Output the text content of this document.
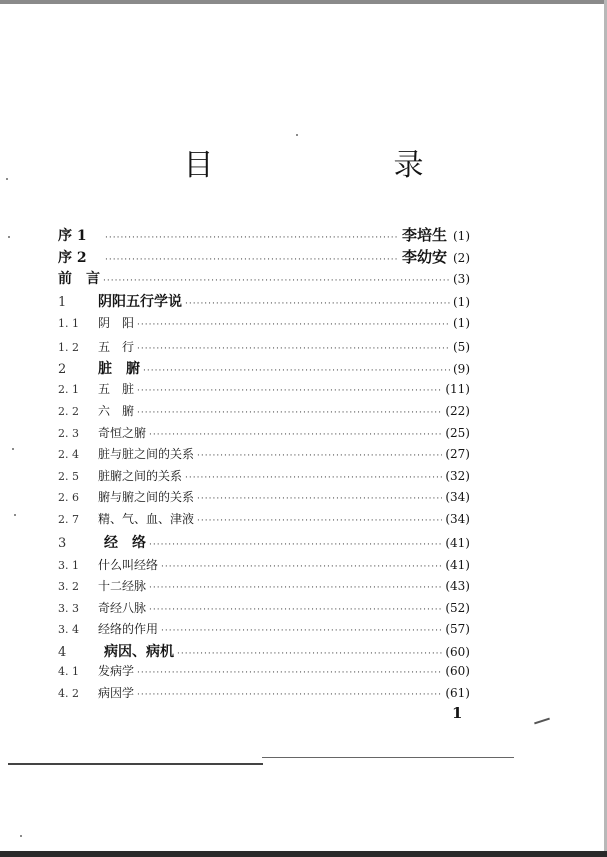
目　　录
序 1 ·····	李培生 (1)
序 2 ·····	李幼安 (2)
前　言 ·····	(3)
1	阴阳五行学说 ·····	(1)
1. 1	阴　阳 ·····	(1)
1. 2	五　行 ·····	(5)
2	脏　腑 ·····	(9)
2. 1	五　脏 ·····	(11)
2. 2	六　腑 ·····	(22)
2. 3	奇恒之腑 ·····	(25)
2. 4	脏与脏之间的关系 ·····	(27)
2. 5	脏腑之间的关系 ·····	(32)
2. 6	腑与腑之间的关系 ·····	(34)
2. 7	精、气、血、津液 ·····	(34)
3	经　络 ·····	(41)
3. 1	什么叫经络 ·····	(41)
3. 2	十二经脉 ·····	(43)
3. 3	奇经八脉 ·····	(52)
3. 4	经络的作用 ·····	(57)
4	病因、病机 ·····	(60)
4. 1	发病学 ·····	(60)
4. 2	病因学 ·····	(61)
1
